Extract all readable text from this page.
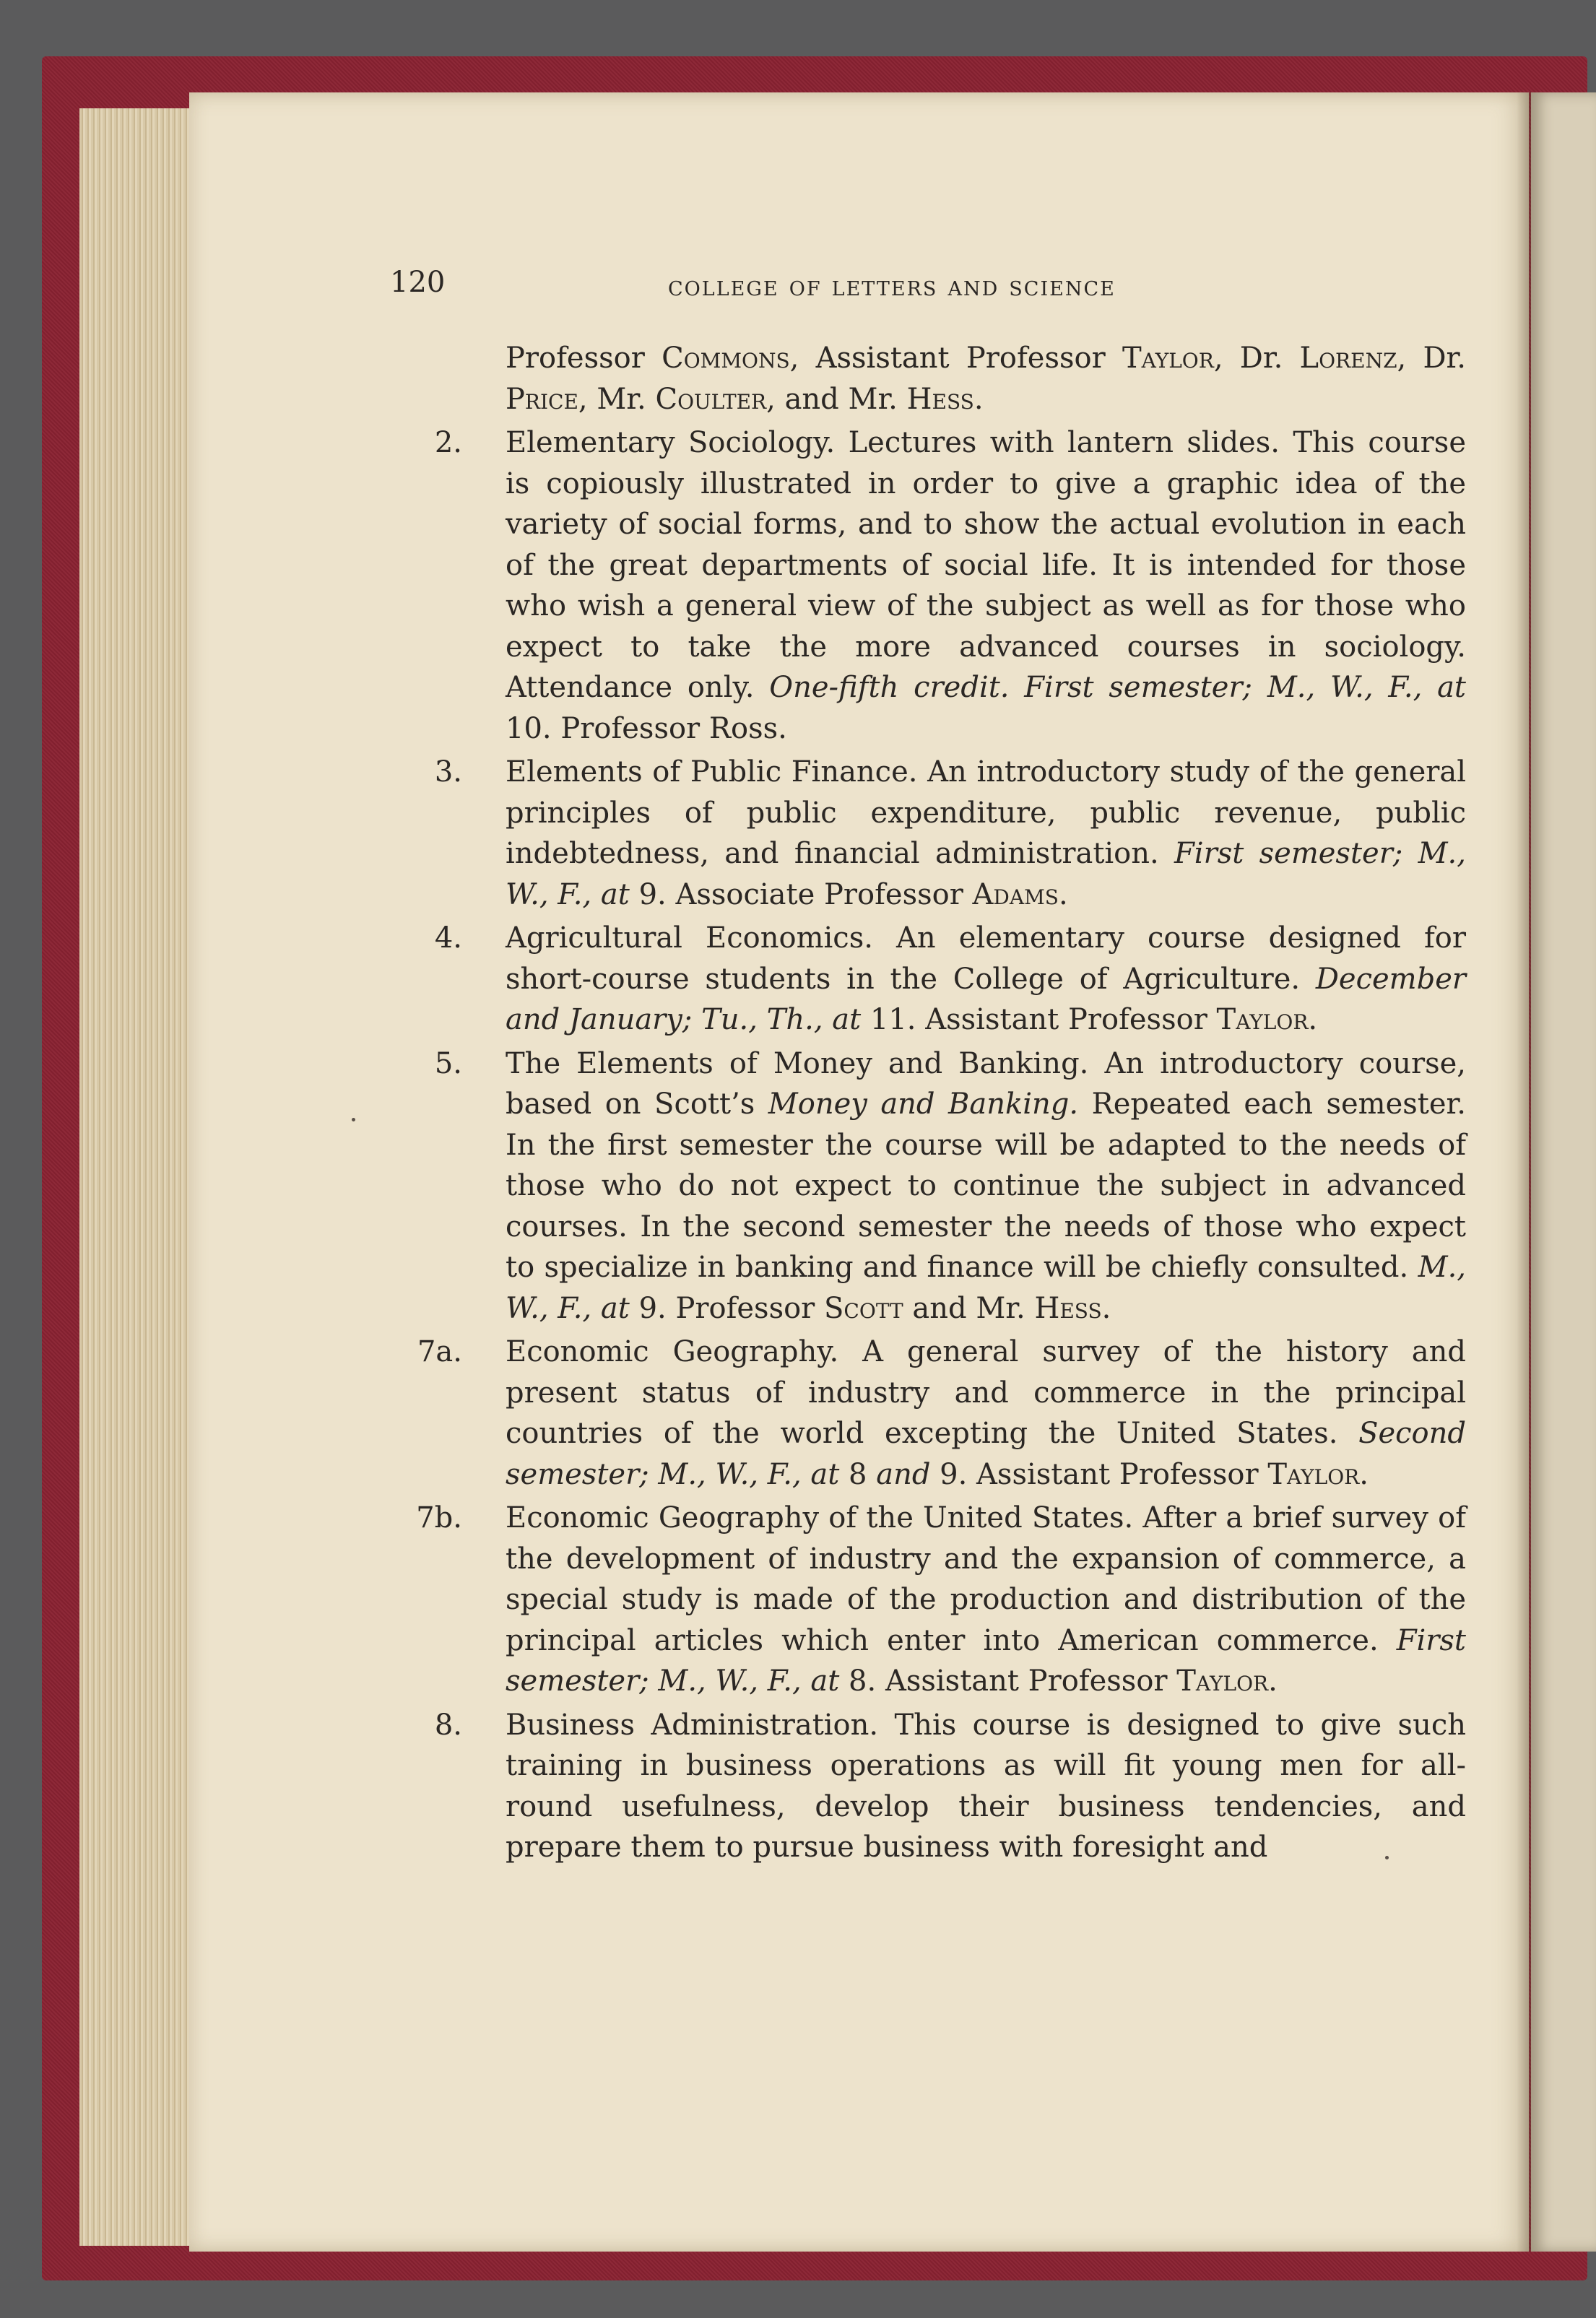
120	college of letters and science

Professor Commons, Assistant Professor Taylor, Dr. Lorenz, Dr. Price, Mr. Coulter, and Mr. Hess.

2. Elementary Sociology. Lectures with lantern slides. This course is copiously illustrated in order to give a graphic idea of the variety of social forms, and to show the actual evolution in each of the great departments of social life. It is intended for those who wish a general view of the subject as well as for those who expect to take the more advanced courses in sociology. Attendance only. One-fifth credit. First semester; M., W., F., at 10. Professor Ross.

3. Elements of Public Finance. An introductory study of the general principles of public expenditure, public revenue, public indebtedness, and financial administration. First semester; M., W., F., at 9. Associate Professor Adams.

4. Agricultural Economics. An elementary course designed for short-course students in the College of Agriculture. December and January; Tu., Th., at 11. Assistant Professor Taylor.

5. The Elements of Money and Banking. An introductory course, based on Scott’s Money and Banking. Repeated each semester. In the first semester the course will be adapted to the needs of those who do not expect to continue the subject in advanced courses. In the second semester the needs of those who expect to specialize in banking and finance will be chiefly consulted. M., W., F., at 9. Professor Scott and Mr. Hess.

7a. Economic Geography. A general survey of the history and present status of industry and commerce in the principal countries of the world excepting the United States. Second semester; M., W., F., at 8 and 9. Assistant Professor Taylor.

7b. Economic Geography of the United States. After a brief survey of the development of industry and the expansion of commerce, a special study is made of the production and distribution of the principal articles which enter into American commerce. First semester; M., W., F., at 8. Assistant Professor Taylor.

8. Business Administration. This course is designed to give such training in business operations as will fit young men for all-round usefulness, develop their business tendencies, and prepare them to pursue business with foresight and
